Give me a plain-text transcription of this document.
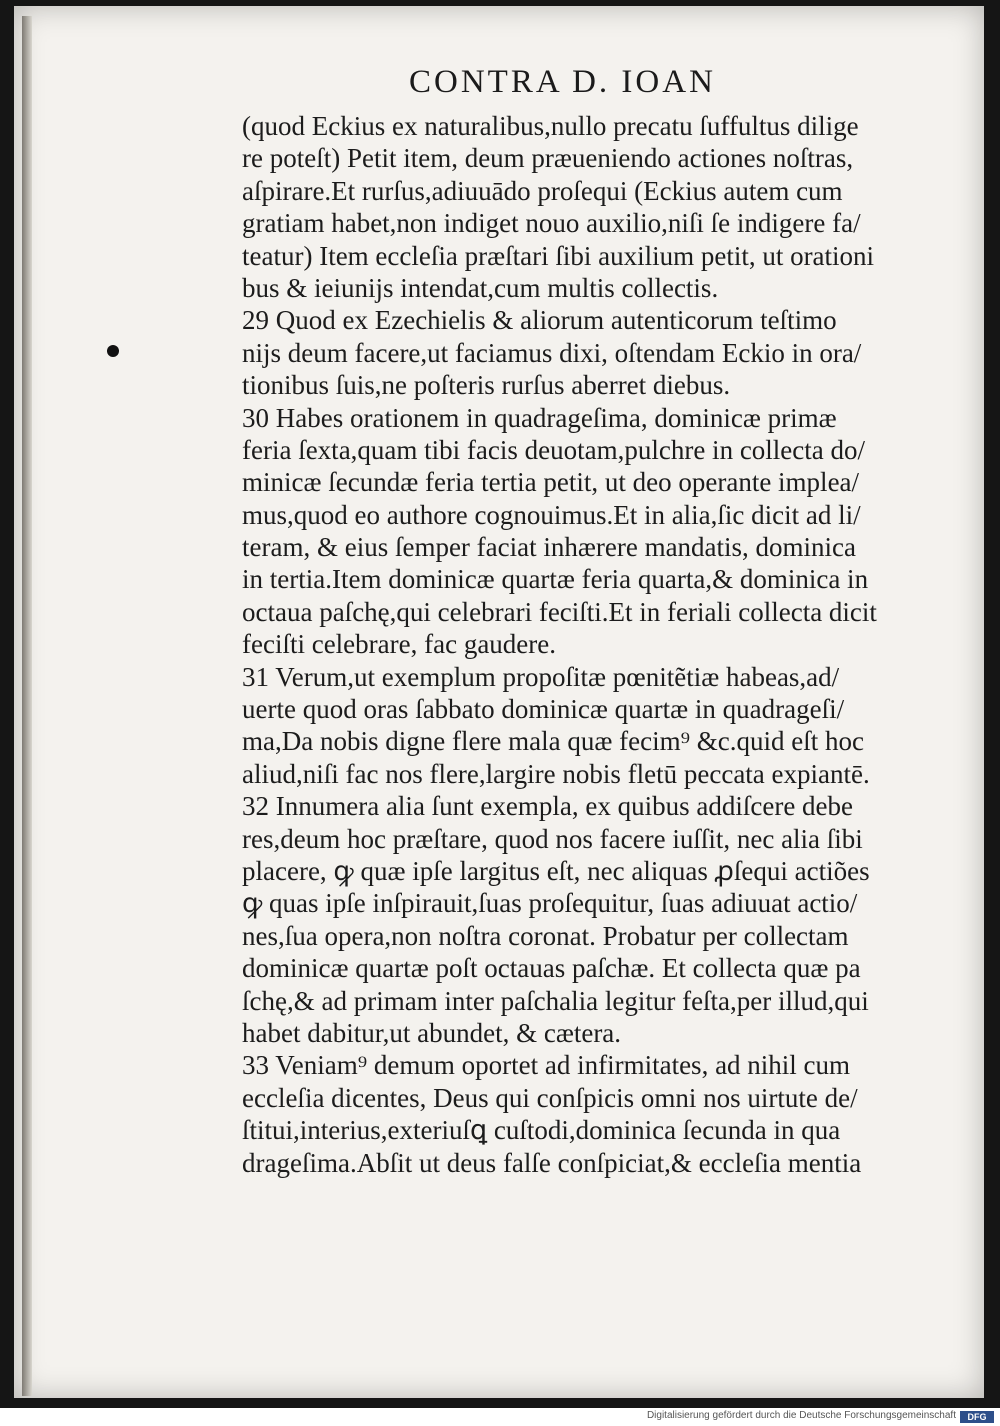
CONTRA D. IOAN
(quod Eckius ex naturalibus,nullo precatu ſuffultus dilige
re poteſt) Petit item, deum præueniendo actiones noſtras,
aſpirare.Et rurſus,adiuuādo proſequi (Eckius autem cum
gratiam habet,non indiget nouo auxilio,niſi ſe indigere fa/
teatur) Item eccleſia præſtari ſibi auxilium petit, ut orationi
bus & ieiunijs intendat,cum multis collectis.
29 Quod ex Ezechielis & aliorum autenticorum teſtimo
nijs deum facere,ut faciamus dixi, oſtendam Eckio in ora/
tionibus ſuis,ne poſteris rurſus aberret diebus.
30 Habes orationem in quadrageſima, dominicæ primæ
feria ſexta,quam tibi facis deuotam,pulchre in collecta do/
minicæ ſecundæ feria tertia petit, ut deo operante implea/
mus,quod eo authore cognouimus.Et in alia,ſic dicit ad li/
teram, & eius ſemper faciat inhærere mandatis, dominica
in tertia.Item dominicæ quartæ feria quarta,& dominica in
octaua paſchę,qui celebrari feciſti.Et in feriali collecta dicit
feciſti celebrare, fac gaudere.
31 Verum,ut exemplum propoſitæ pœnitẽtiæ habeas,ad/
uerte quod oras ſabbato dominicæ quartæ in quadrageſi/
ma,Da nobis digne flere mala quæ fecim⁹ &c.quid eſt hoc
aliud,niſi fac nos flere,largire nobis fletū peccata expiantē.
32 Innumera alia ſunt exempla, ex quibus addiſcere debe
res,deum hoc præſtare, quod nos facere iuſſit, nec alia ſibi
placere, ꝙ quæ ipſe largitus eſt, nec aliquas ꝓſequi actiões
ꝙ quas ipſe inſpirauit,ſuas proſequitur, ſuas adiuuat actio/
nes,ſua opera,non noſtra coronat. Probatur per collectam
dominicæ quartæ poſt octauas paſchæ. Et collecta quæ pa
ſchę,& ad primam inter paſchalia legitur feſta,per illud,qui
habet dabitur,ut abundet, & cætera.
33 Veniam⁹ demum oportet ad infirmitates, ad nihil cum
eccleſia dicentes, Deus qui conſpicis omni nos uirtute de/
ſtitui,interius,exteriuſꝗ cuſtodi,dominica ſecunda in qua
drageſima.Abſit ut deus falſe conſpiciat,& eccleſia mentia
Digitalisierung gefördert durch die Deutsche Forschungsgemeinschaft	DFG
